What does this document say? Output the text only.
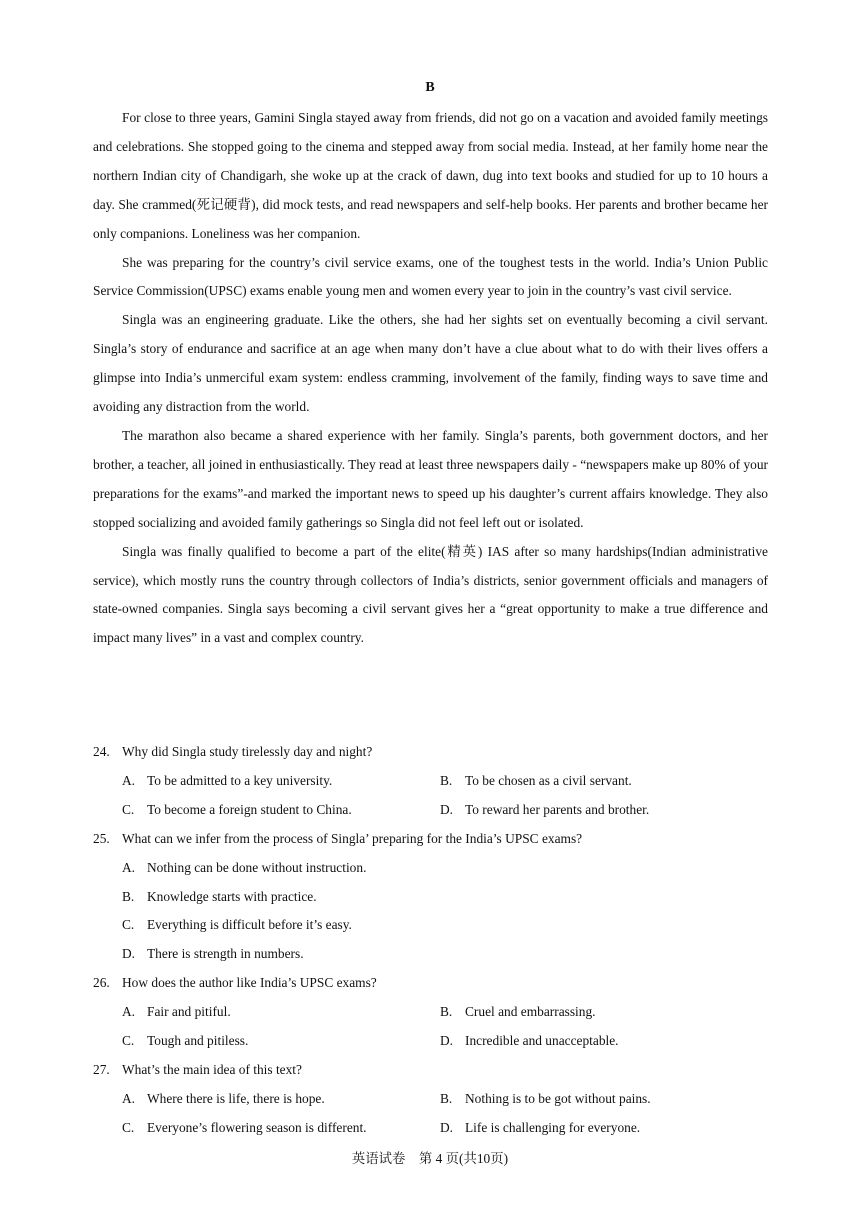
B

For close to three years, Gamini Singla stayed away from friends, did not go on a vacation and avoided family meetings and celebrations. She stopped going to the cinema and stepped away from social media. Instead, at her family home near the northern Indian city of Chandigarh, she woke up at the crack of dawn, dug into text books and studied for up to 10 hours a day. She crammed(死记硬背), did mock tests, and read newspapers and self-help books. Her parents and brother became her only companions. Loneliness was her companion.

She was preparing for the country’s civil service exams, one of the toughest tests in the world. India’s Union Public Service Commission(UPSC) exams enable young men and women every year to join in the country’s vast civil service.

Singla was an engineering graduate. Like the others, she had her sights set on eventually becoming a civil servant. Singla’s story of endurance and sacrifice at an age when many don’t have a clue about what to do with their lives offers a glimpse into India’s unmerciful exam system: endless cramming, involvement of the family, finding ways to save time and avoiding any distraction from the world.

The marathon also became a shared experience with her family. Singla’s parents, both government doctors, and her brother, a teacher, all joined in enthusiastically. They read at least three newspapers daily - “newspapers make up 80% of your preparations for the exams”-and marked the important news to speed up his daughter’s current affairs knowledge. They also stopped socializing and avoided family gatherings so Singla did not feel left out or isolated.

Singla was finally qualified to become a part of the elite(精英) IAS after so many hardships(Indian administrative service), which mostly runs the country through collectors of India’s districts, senior government officials and managers of state-owned companies. Singla says becoming a civil servant gives her a “great opportunity to make a true difference and impact many lives” in a vast and complex country.

24. Why did Singla study tirelessly day and night?
A. To be admitted to a key university.	B. To be chosen as a civil servant.
C. To become a foreign student to China.	D. To reward her parents and brother.
25. What can we infer from the process of Singla’ preparing for the India’s UPSC exams?
A. Nothing can be done without instruction.
B. Knowledge starts with practice.
C. Everything is difficult before it’s easy.
D. There is strength in numbers.
26. How does the author like India’s UPSC exams?
A. Fair and pitiful.	B. Cruel and embarrassing.
C. Tough and pitiless.	D. Incredible and unacceptable.
27. What’s the main idea of this text?
A. Where there is life, there is hope.	B. Nothing is to be got without pains.
C. Everyone’s flowering season is different.	D. Life is challenging for everyone.
英语试卷　第 4 页(共10页)
